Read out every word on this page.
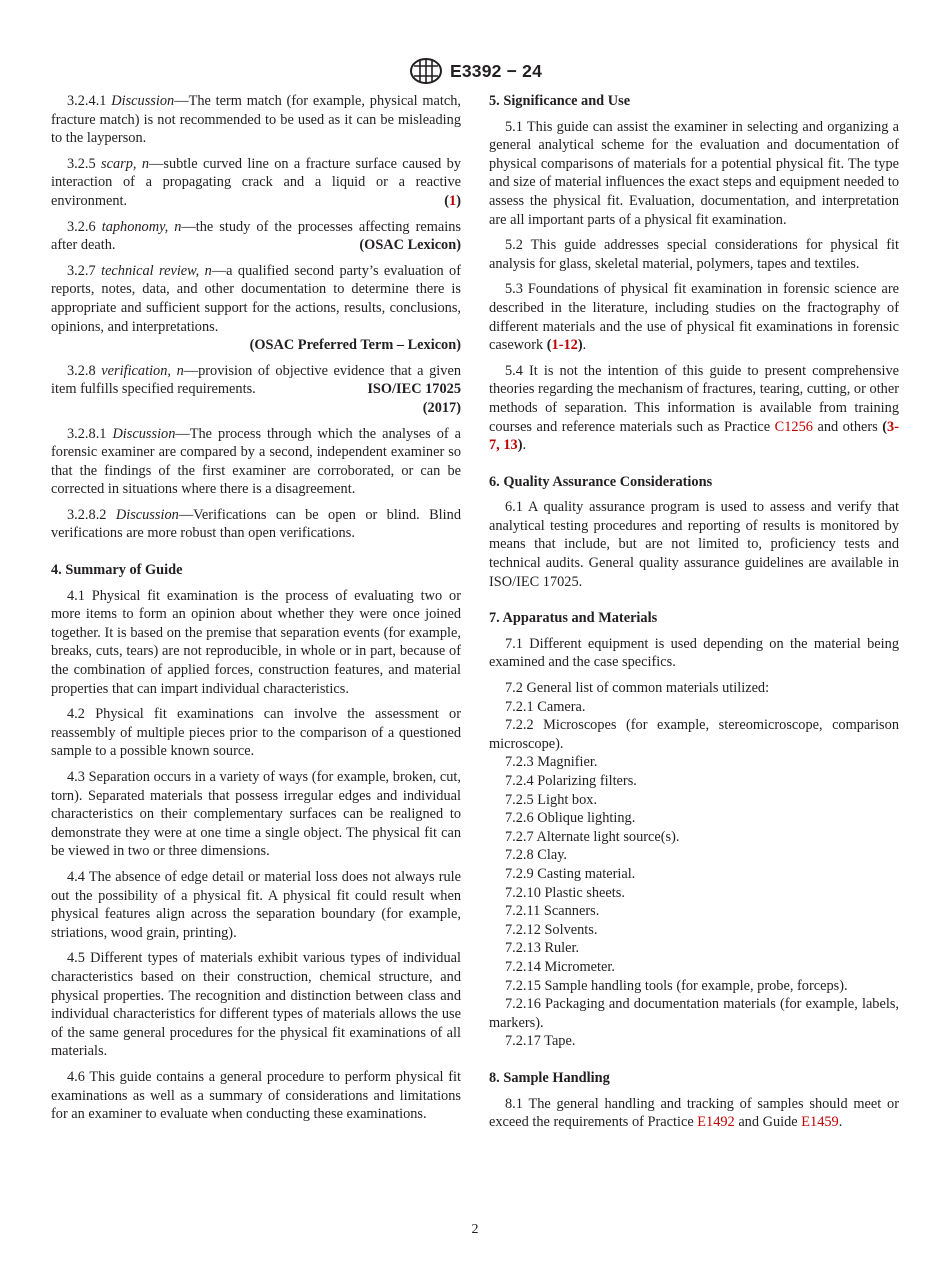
E3392 − 24

3.2.4.1 Discussion—The term match (for example, physical match, fracture match) is not recommended to be used as it can be misleading to the layperson.

3.2.5 scarp, n—subtle curved line on a fracture surface caused by interaction of a propagating crack and a liquid or a reactive environment.	(1)

3.2.6 taphonomy, n—the study of the processes affecting remains after death.	(OSAC Lexicon)

3.2.7 technical review, n—a qualified second party’s evaluation of reports, notes, data, and other documentation to determine there is appropriate and sufficient support for the actions, results, conclusions, opinions, and interpretations.
(OSAC Preferred Term – Lexicon)

3.2.8 verification, n—provision of objective evidence that a given item fulfills specified requirements.	ISO/IEC 17025
(2017)

3.2.8.1 Discussion—The process through which the analyses of a forensic examiner are compared by a second, independent examiner so that the findings of the first examiner are corroborated, or can be corrected in situations where there is a disagreement.

3.2.8.2 Discussion—Verifications can be open or blind. Blind verifications are more robust than open verifications.

4. Summary of Guide

4.1 Physical fit examination is the process of evaluating two or more items to form an opinion about whether they were once joined together. It is based on the premise that separation events (for example, breaks, cuts, tears) are not reproducible, in whole or in part, because of the combination of applied forces, construction features, and material properties that can impart individual characteristics.

4.2 Physical fit examinations can involve the assessment or reassembly of multiple pieces prior to the comparison of a questioned sample to a possible known source.

4.3 Separation occurs in a variety of ways (for example, broken, cut, torn). Separated materials that possess irregular edges and individual characteristics on their complementary surfaces can be realigned to demonstrate they were at one time a single object. The physical fit can be viewed in two or three dimensions.

4.4 The absence of edge detail or material loss does not always rule out the possibility of a physical fit. A physical fit could result when physical features align across the separation boundary (for example, striations, wood grain, printing).

4.5 Different types of materials exhibit various types of individual characteristics based on their construction, chemical structure, and physical properties. The recognition and distinction between class and individual characteristics for different types of materials allows the use of the same general procedures for the physical fit examinations of all materials.

4.6 This guide contains a general procedure to perform physical fit examinations as well as a summary of considerations and limitations for an examiner to evaluate when conducting these examinations.

5. Significance and Use

5.1 This guide can assist the examiner in selecting and organizing a general analytical scheme for the evaluation and documentation of physical comparisons of materials for a potential physical fit. The type and size of material influences the exact steps and equipment needed to assess the physical fit. Evaluation, documentation, and interpretation are all important parts of a physical fit examination.

5.2 This guide addresses special considerations for physical fit analysis for glass, skeletal material, polymers, tapes and textiles.

5.3 Foundations of physical fit examination in forensic science are described in the literature, including studies on the fractography of different materials and the use of physical fit examinations in forensic casework (1-12).

5.4 It is not the intention of this guide to present comprehensive theories regarding the mechanism of fractures, tearing, cutting, or other methods of separation. This information is available from training courses and reference materials such as Practice C1256 and others (3-7, 13).

6. Quality Assurance Considerations

6.1 A quality assurance program is used to assess and verify that analytical testing procedures and reporting of results is monitored by means that include, but are not limited to, proficiency tests and technical audits. General quality assurance guidelines are available in ISO/IEC 17025.

7. Apparatus and Materials

7.1 Different equipment is used depending on the material being examined and the case specifics.

7.2 General list of common materials utilized:

7.2.1 Camera.

7.2.2 Microscopes (for example, stereomicroscope, comparison microscope).

7.2.3 Magnifier.

7.2.4 Polarizing filters.

7.2.5 Light box.

7.2.6 Oblique lighting.

7.2.7 Alternate light source(s).

7.2.8 Clay.

7.2.9 Casting material.

7.2.10 Plastic sheets.

7.2.11 Scanners.

7.2.12 Solvents.

7.2.13 Ruler.

7.2.14 Micrometer.

7.2.15 Sample handling tools (for example, probe, forceps).

7.2.16 Packaging and documentation materials (for example, labels, markers).

7.2.17 Tape.

8. Sample Handling

8.1 The general handling and tracking of samples should meet or exceed the requirements of Practice E1492 and Guide E1459.

2
